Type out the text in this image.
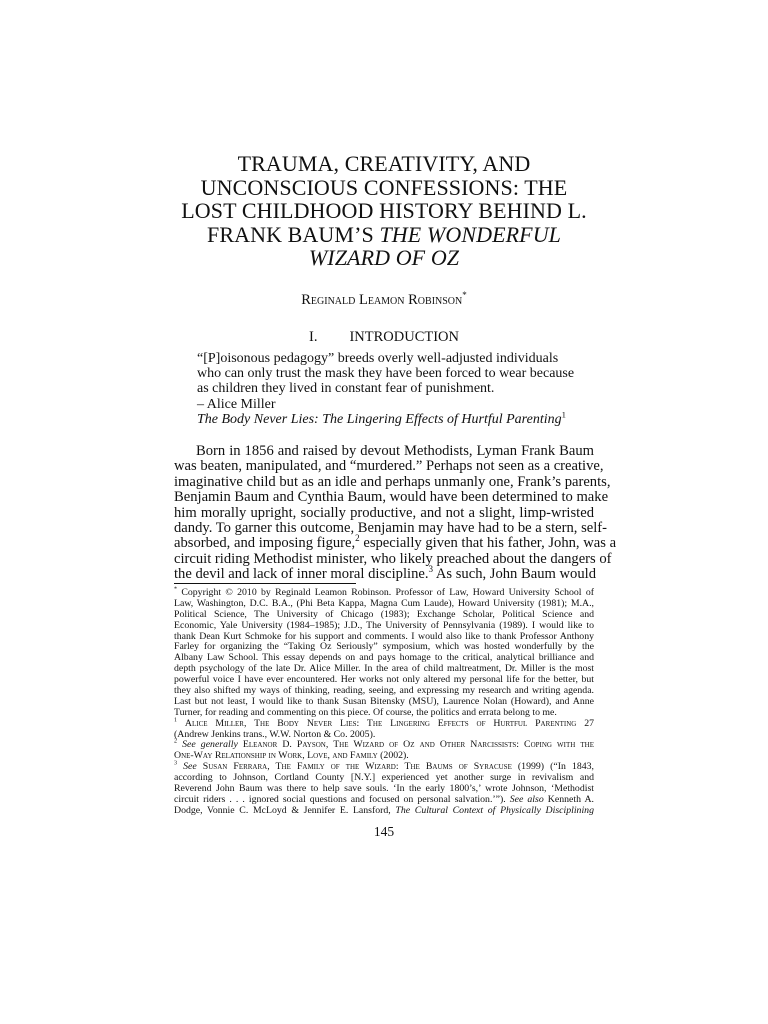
TRAUMA, CREATIVITY, AND
UNCONSCIOUS CONFESSIONS: THE
LOST CHILDHOOD HISTORY BEHIND L.
FRANK BAUM’S THE WONDERFUL
WIZARD OF OZ
Reginald Leamon Robinson*
I. INTRODUCTION
“[P]oisonous pedagogy” breeds overly well-adjusted individuals
who can only trust the mask they have been forced to wear because
as children they lived in constant fear of punishment.
– Alice Miller
The Body Never Lies: The Lingering Effects of Hurtful Parenting$^1$
Born in 1856 and raised by devout Methodists, Lyman Frank Baum
was beaten, manipulated, and “murdered.” Perhaps not seen as a creative,
imaginative child but as an idle and perhaps unmanly one, Frank’s parents,
Benjamin Baum and Cynthia Baum, would have been determined to make
him morally upright, socially productive, and not a slight, limp-wristed
dandy. To garner this outcome, Benjamin may have had to be a stern, self-
absorbed, and imposing figure,$^2$ especially given that his father, John, was a
circuit riding Methodist minister, who likely preached about the dangers of
the devil and lack of inner moral discipline.$^3$ As such, John Baum would
* Copyright © 2010 by Reginald Leamon Robinson. Professor of Law, Howard University School of
Law, Washington, D.C. B.A., (Phi Beta Kappa, Magna Cum Laude), Howard University (1981); M.A.,
Political Science, The University of Chicago (1983); Exchange Scholar, Political Science and
Economic, Yale University (1984–1985); J.D., The University of Pennsylvania (1989). I would like to
thank Dean Kurt Schmoke for his support and comments. I would also like to thank Professor Anthony
Farley for organizing the “Taking Oz Seriously” symposium, which was hosted wonderfully by the
Albany Law School. This essay depends on and pays homage to the critical, analytical brilliance and
depth psychology of the late Dr. Alice Miller. In the area of child maltreatment, Dr. Miller is the most
powerful voice I have ever encountered. Her works not only altered my personal life for the better, but
they also shifted my ways of thinking, reading, seeing, and expressing my research and writing agenda.
Last but not least, I would like to thank Susan Bitensky (MSU), Laurence Nolan (Howard), and Anne
Turner, for reading and commenting on this piece. Of course, the politics and errata belong to me.
$^1$ Alice Miller, The Body Never Lies: The Lingering Effects of Hurtful Parenting 27
(Andrew Jenkins trans., W.W. Norton & Co. 2005).
$^2$ See generally Eleanor D. Payson, The Wizard of Oz and Other Narcissists: Coping with the
One-Way Relationship in Work, Love, and Family (2002).
$^3$ See Susan Ferrara, The Family of the Wizard: The Baums of Syracuse (1999) (“In 1843,
according to Johnson, Cortland County [N.Y.] experienced yet another surge in revivalism and
Reverend John Baum was there to help save souls. ‘In the early 1800’s,’ wrote Johnson, ‘Methodist
circuit riders . . . ignored social questions and focused on personal salvation.’”). See also Kenneth A.
Dodge, Vonnie C. McLoyd & Jennifer E. Lansford, The Cultural Context of Physically Disciplining
145
